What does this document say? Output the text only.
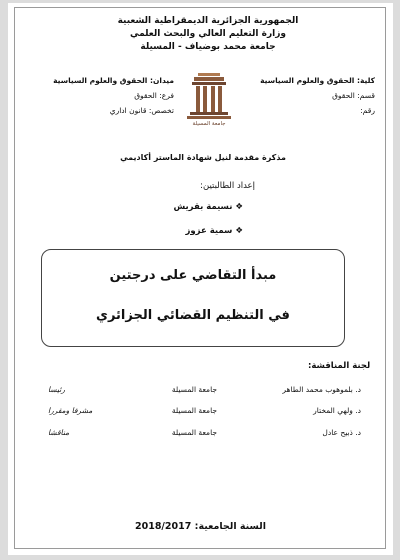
الجمهورية الجزائرية الديمقراطية الشعبية
وزارة التعليم العالي والبحث العلمي
جامعة محمد بوضياف - المسيلة
كلية: الحقوق والعلوم السياسية
قسم: الحقوق
رقم:
ميدان: الحقوق والعلوم السياسية
فرع: الحقوق
تخصص: قانون اداري
جامعة المسيلة
مذكرة مقدمة لنيل شهادة الماستر أكاديمي
إعداد الطالبتين:
❖ نسيمة بقريش
❖ سمية عزوز
مبدأ التقاضي على درجتين
في التنظيم القضائي الجزائري
لجنة المناقشة:
د. بلموهوب محمد الطاهر
جامعة المسيلة
رئيسا
د. ولهي المختار
جامعة المسيلة
مشرفا ومقررا
د. ذبيح عادل
جامعة المسيلة
مناقشا
السنة الجامعية: 2018/2017
